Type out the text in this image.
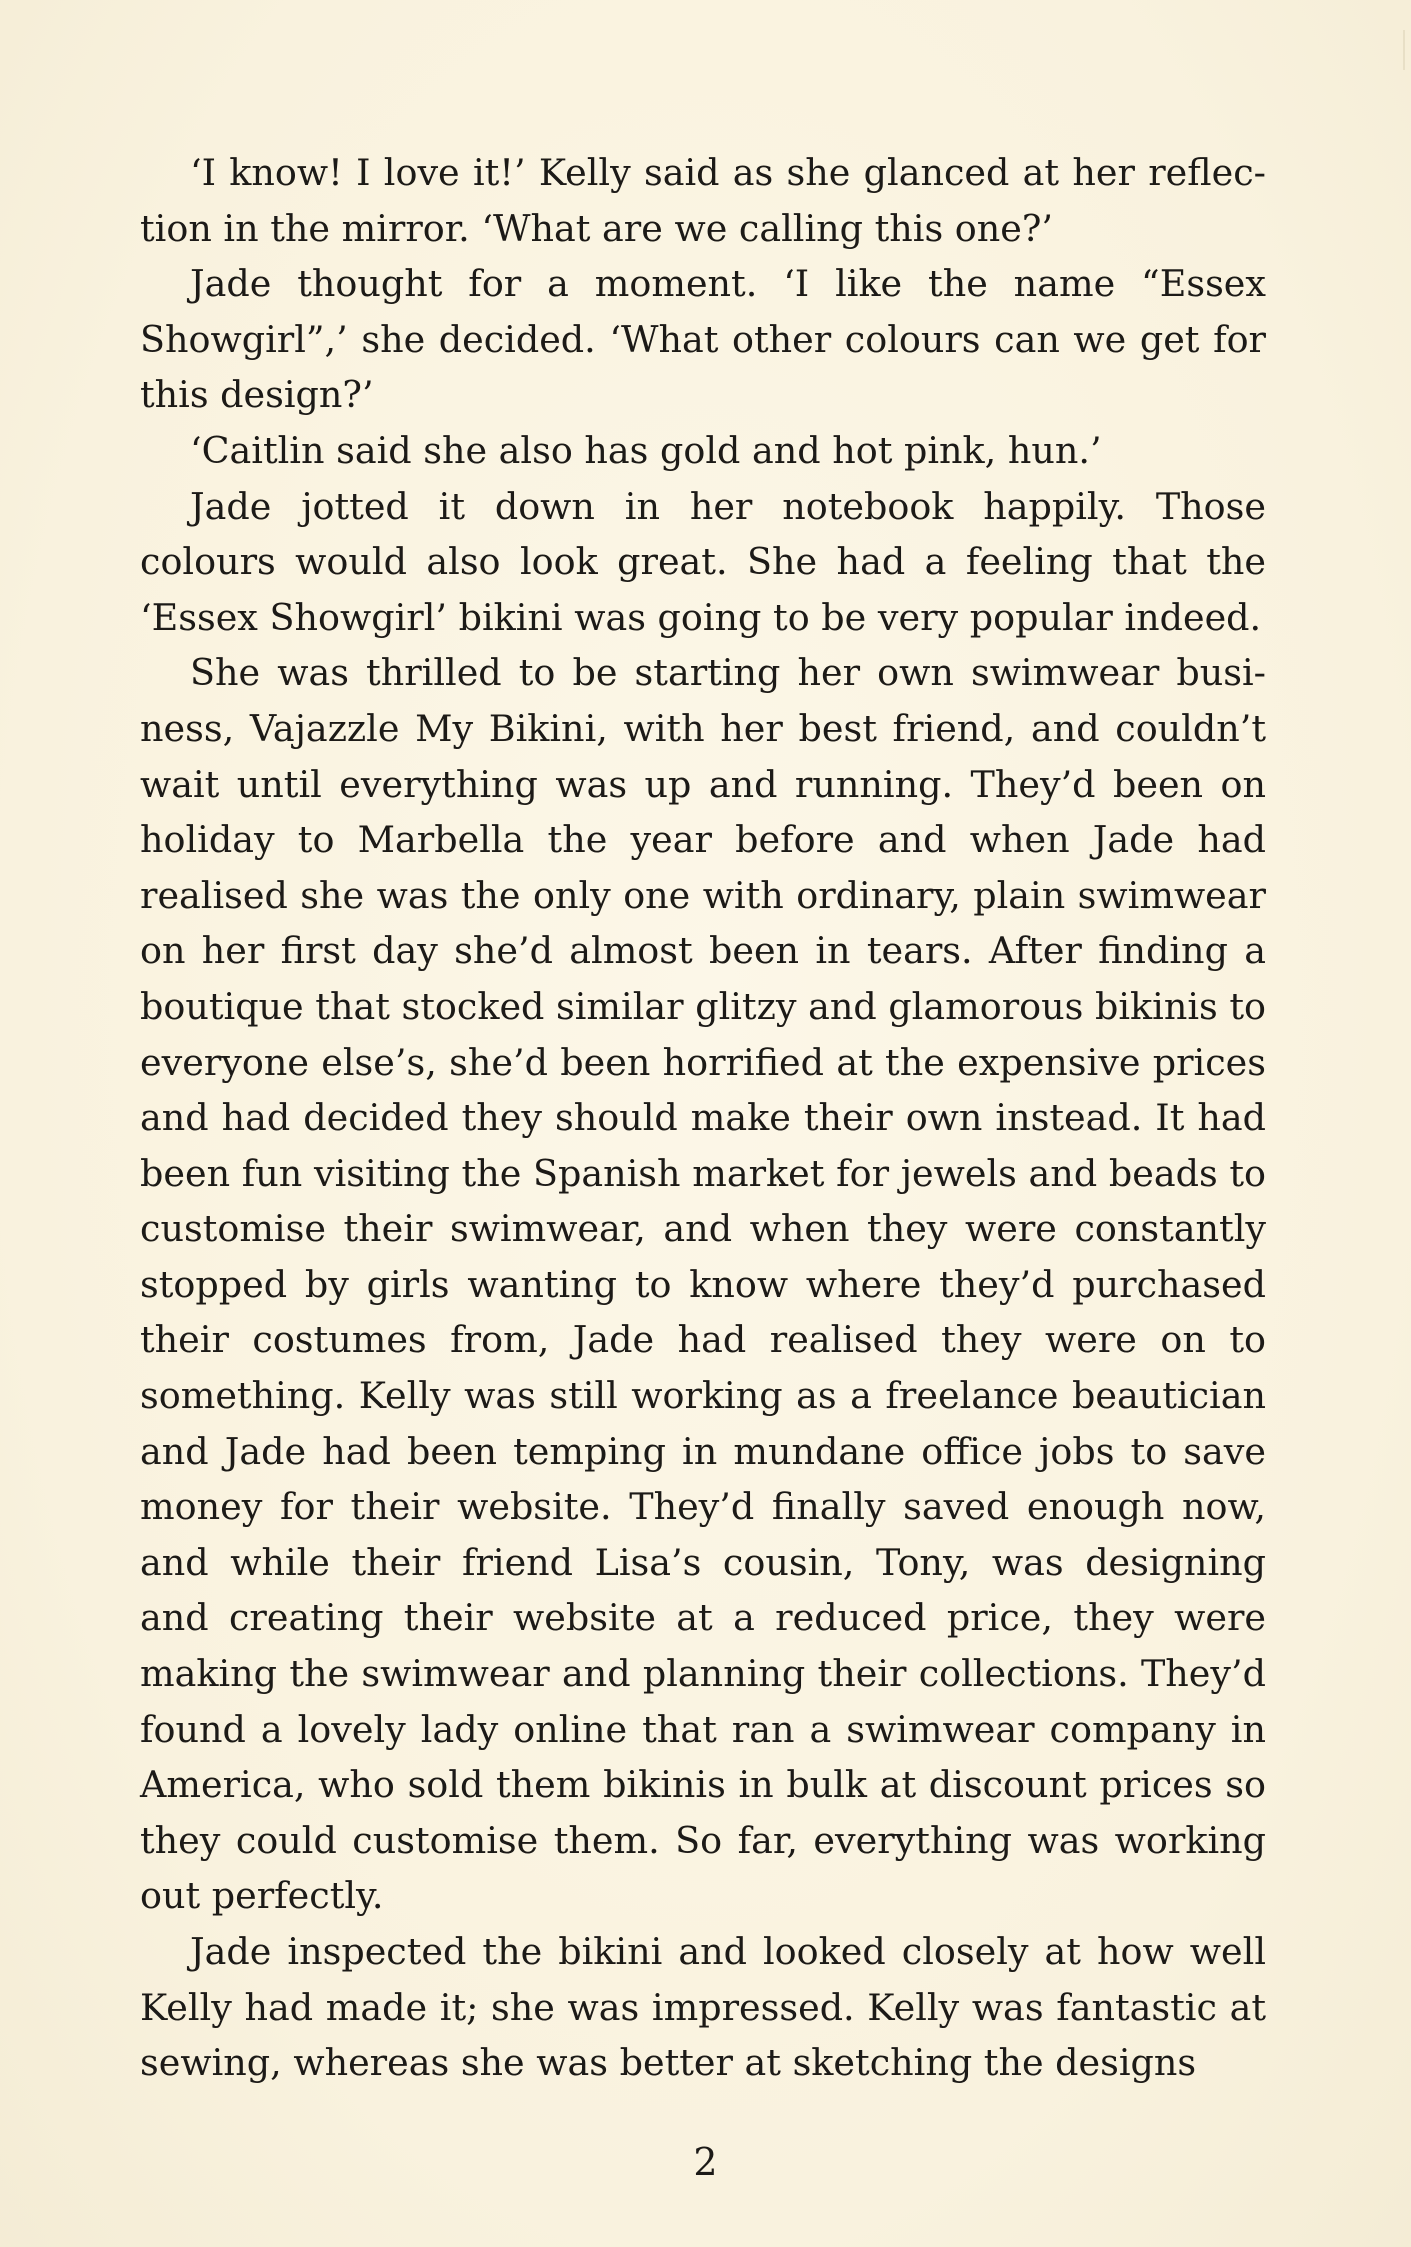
‘I know! I love it!’ Kelly said as she glanced at her reflection in the mirror. ‘What are we calling this one?’

Jade thought for a moment. ‘I like the name “Essex Showgirl”,’ she decided. ‘What other colours can we get for this design?’

‘Caitlin said she also has gold and hot pink, hun.’

Jade jotted it down in her notebook happily. Those colours would also look great. She had a feeling that the ‘Essex Showgirl’ bikini was going to be very popular indeed.

She was thrilled to be starting her own swimwear business, Vajazzle My Bikini, with her best friend, and couldn’t wait until everything was up and running. They’d been on holiday to Marbella the year before and when Jade had realised she was the only one with ordinary, plain swimwear on her first day she’d almost been in tears. After finding a boutique that stocked similar glitzy and glamorous bikinis to everyone else’s, she’d been horrified at the expensive prices and had decided they should make their own instead. It had been fun visiting the Spanish market for jewels and beads to customise their swimwear, and when they were constantly stopped by girls wanting to know where they’d purchased their costumes from, Jade had realised they were on to something. Kelly was still working as a freelance beautician and Jade had been temping in mundane office jobs to save money for their website. They’d finally saved enough now, and while their friend Lisa’s cousin, Tony, was designing and creating their website at a reduced price, they were making the swimwear and planning their collections. They’d found a lovely lady online that ran a swimwear company in America, who sold them bikinis in bulk at discount prices so they could customise them. So far, everything was working out perfectly.

Jade inspected the bikini and looked closely at how well Kelly had made it; she was impressed. Kelly was fantastic at sewing, whereas she was better at sketching the designs

2
